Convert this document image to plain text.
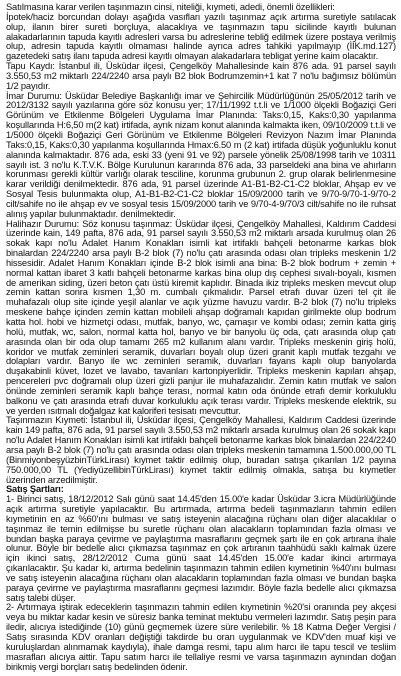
Satılmasına karar verilen taşınmazın cinsi, niteliği, kıymeti, adedi, önemli özellikleri:

İpotek/haciz borcundan dolayı aşağıda vasıfları yazılı taşınmaz açık artırma suretiyle satılacak olup, ilanın birer sureti borçluya, alacaklıya ve taşınmazın tapu sicilinde kayıtlı bulunan alakadarlarının tapuda kayıtlı adresleri varsa bu adreslerine tebliğ edilmek üzere postaya verilmiş olup, adresin tapuda kayıtlı olmaması halinde ayrıca adres tahkiki yapılmayıp (İİK.md.127) gazetedeki satış ilanı tapuda adresi kayıtlı olmayan alakadarlara tebligat yerine kaim olacaktır.

Tapu Kaydı: İstanbul ili, Üsküdar ilçesi, Çengelköy Mahallesinde kain 876 ada. 91 parsel sayılı 3.550,53 m2 miktarlı 224/2240 arsa paylı B2 blok Bodrumzemin+1 kat 7 no'lu bağımsız bölümün 1/2 payıdır.

İmar Durumu: Üsküdar Belediye Başkanlığı imar ve Şehircilik Müdürlüğünün 25/05/2012 tarih ve 2012/3132 sayılı yazılarına göre söz konusu yer; 17/11/1992 t.t.li ve 1/1000 ölçekli Boğaziçi Geri Görünüm ve Etkilenme Bölgeleri Uygulama İmar Planında: Taks:0,15, Kaks:0,30 yapılanma koşullarında H:6,50 m(2 kat) irtifada, ayrık nizam konut alanında kalmakta iken, 09/10/2009 t.t.li ve 1/5000 ölçekli Boğaziçi Geri Görünüm ve Etkilenme Bölgeleri Revizyon Nazım İmar Planında Taks:0,15, Kaks:0,30 yapılanma koşullarında Hmax:6.50 m (2 kat) irtifada düşük yoğunluklu konut alanında kalmaktadır. 876 ada, eski 33 (yeni 91 ve 92) parsele yönelik 25/08/1998 tarih ve 10311 sayılı ist. 3 no'lu K.T.V.K. Bölge Kurulunun kararında 876 ada, 33 parseldeki ana bina ve ahırların korunması gerekli kültür varlığı olarak tesciline, korunma grubunun 2. grup olarak belirlenmesine karar verildiği denilmektedir. 876 ada, 91 parsel üzerinde A1-B1-B2-C1-C2 bloklar, Ahşap ev ve Sosyal Tesis bulunmakta olup, A1-B1-B2-C1-C2 bloklar 15/09/2000 tarih ve 9/70-9/70-1-9/70-2 cilt/sahife no ile ahşap ev ve sosyal tesis 15/09/2000 tarih ve 9/70-4-9/70/3 cilt/sahife no ile ruhsat alınış yapılar bulunmaktadır. denilmektedir.

Halihazır Durumu: Söz konusu taşınmaz: Üsküdar ilçesi, Çengelköy Mahallesi, Kaldırım Caddesi üzerinde kain, 149 pafta, 876 ada, 91 parsel sayılı 3.550,53 m2 miktarlı arsada kurulmuş olan 26 sokak kapı no'lu Adalet Hanım Konakları isimli kat irtifaklı bahçeli betonarme karkas blok binalardan 224/2240 arsa paylı B-2 blok (7) no'lu çatı arasında odası olan tripleks meskenin 1/2 hissesidir. Adalet Hanım Konakları içinde B-2 blok isimli ana bina: B-2 blok bodrum + zemin + normal kattan ibaret 3 katlı bahçeli betonarme karkas bina olup dış cephesi sıvalı-boyalı, kısmen de amerikan siding, üzeri beton çatı üstü kiremit kaplıdır. Binada ikiz tripleks mesken mevcut olup zemin kattan sonra kısmen 1,30 m. cumbalı çıkmalıdır. Parsel etrafı duvar üzeri tel çit ile muhafazalı olup site içinde yeşil alanlar ve açık yüzme havuzu vardır. B-2 blok (7) no'lu tripleks meskene bahçe içinden zemin kattan mobileli ahşap doğramalı kapıdan girilmekte olup bodrum katta hol. hobi ve hizmetçi odası, mutfak, banyo, wc, çamaşır ve kombi odası; zemin katta giriş holü, mutfak, wc, salon, normal katta hol, banyo ve bir banyolu üç oda, çatı arasında olup çatı arasında olan bir oda olup tamamı 265 m2 kullanım alanı vardır. Tripleks meskenin giriş holü, koridor ve mutfak zeminleri seramik, duvarları boyalı olup üzeri granit kaplı mutfak tezgahı ve dolapları vardır. Banyo ile wc zeminleri seramik, duvarları fayans kaplı olup banyolarda duşakabinli küvet, lozet ve lavabo, tavanları kartonpiyerlidir. Tripleks meskenin kapıları ahşap, pencereleri pvc doğramalı olup üzeri gizli panjur ile muhafazalıdır. Zemin katın mutfak ve salon önünde zeminleri seramik kaplı bahçe terası, normal katın oda önünde etrafı demir korkuluklu balkonu ve çatı arasında etrafı duvar korkuluklu açık terası vardır. Tripleks meskende elektrik, su ve yerden ısıtmalı doğalgaz kat kaloriferi tesisatı mevcuttur.

Taşınmazın Kıymeti: İstanbul ili, Üsküdar ilçesi, Çengelköy Mahallesi, Kaldırım Caddesi üzerinde kain 149 pafta, 876 ada, 91 parsel sayılı 3.550,53 m2 miktarlı arsada kurulmuş olan 26 sokak kapı no'lu Adalet Hanım Konakları isimli kat irtifaklı bahçeli betonarme karkas blok binalardan 224/2240 arsa paylı B-2 blok (7) no'lu çatı arasında odası olan tripleks meskenin tamamına 1.500.000,00 TL (BinmiyonbeşyüzbinTürkLirası) kıymet taktir edilmiş olup, buradan satışa çıkarılan 1/2 payına 750.000,00 TL (YediyüzellibinTürkLirası) kıymet taktir edilmiş olmakla, satışa bu kıymetler üzerinden arzedilmiştir.

Satış Şartları:

1- Birinci satış, 18/12/2012 Salı günü saat 14.45'den 15.00'e kadar Üsküdar 3.icra Müdürlüğünde açık artırma suretiyle yapılacaktır. Bu artırmada, artırma bedeli taşınmazların tahmin edilen kıymetinin en az %60'ını bulması ve satış isteyenin alacağına rüçhanı olan diğer alacaklılar o taşınmaz ile temin edilmişse bu suretle rüçhanı olan alacakların toplamından fazla olması ve bundan başka paraya çevirme ve paylaştırma masraflarını geçmek şartı ile en çok artırana ihale olunur. Böyle bir bedelle alıcı çıkmazsa taşınmaz en çok artıranın taahhüdü saklı kalmak üzere için ikinci satış, 28/12/2012 Cuma günü saat 14.45'den 15.00'e kadar ikinci artırmaya çıkarılacaktır. Şu kadar ki, artırma bedelinin taşınmazın tahmin edilen kıymetinin %40'ını bulması ve satış isteyenin alacağına rüçhanı olan alacakların toplamından fazla olması ve bundan başka paraya çevirme ve paylaştırma masraflarını geçmesi lazımdır. Böyle fazla bedelle alıcı çıkmazsa satış talebi düşer.

2- Artırmaya iştirak edeceklerin taşınmazın tahmin edilen kıymetinin %20'si oranında pey akçesi veya bu miktar kadar kesin ve süresiz banka teminat mektubu vermeleri lazımdır. Satış peşin para iledir, alıcıya istediğinde (10) günü geçmemek üzere süre verilebilir. % 18 Katma Değer Vergisi / Satış sırasında KDV oranları değiştiği takdirde bu oran uygulanmak ve KDV'den muaf kişi ve kuruluşlardan alınmamak kaydıyla), ihale damga resmi, tapu alım harcı ile tapu tescil ve tesliim masrafları alıcıya aittir. Tapu satım harcı ile tellaliye resmi ve varsa taşınmazın aynından doğan birikmiş vergi borçları satış bedelinden ödenir.
